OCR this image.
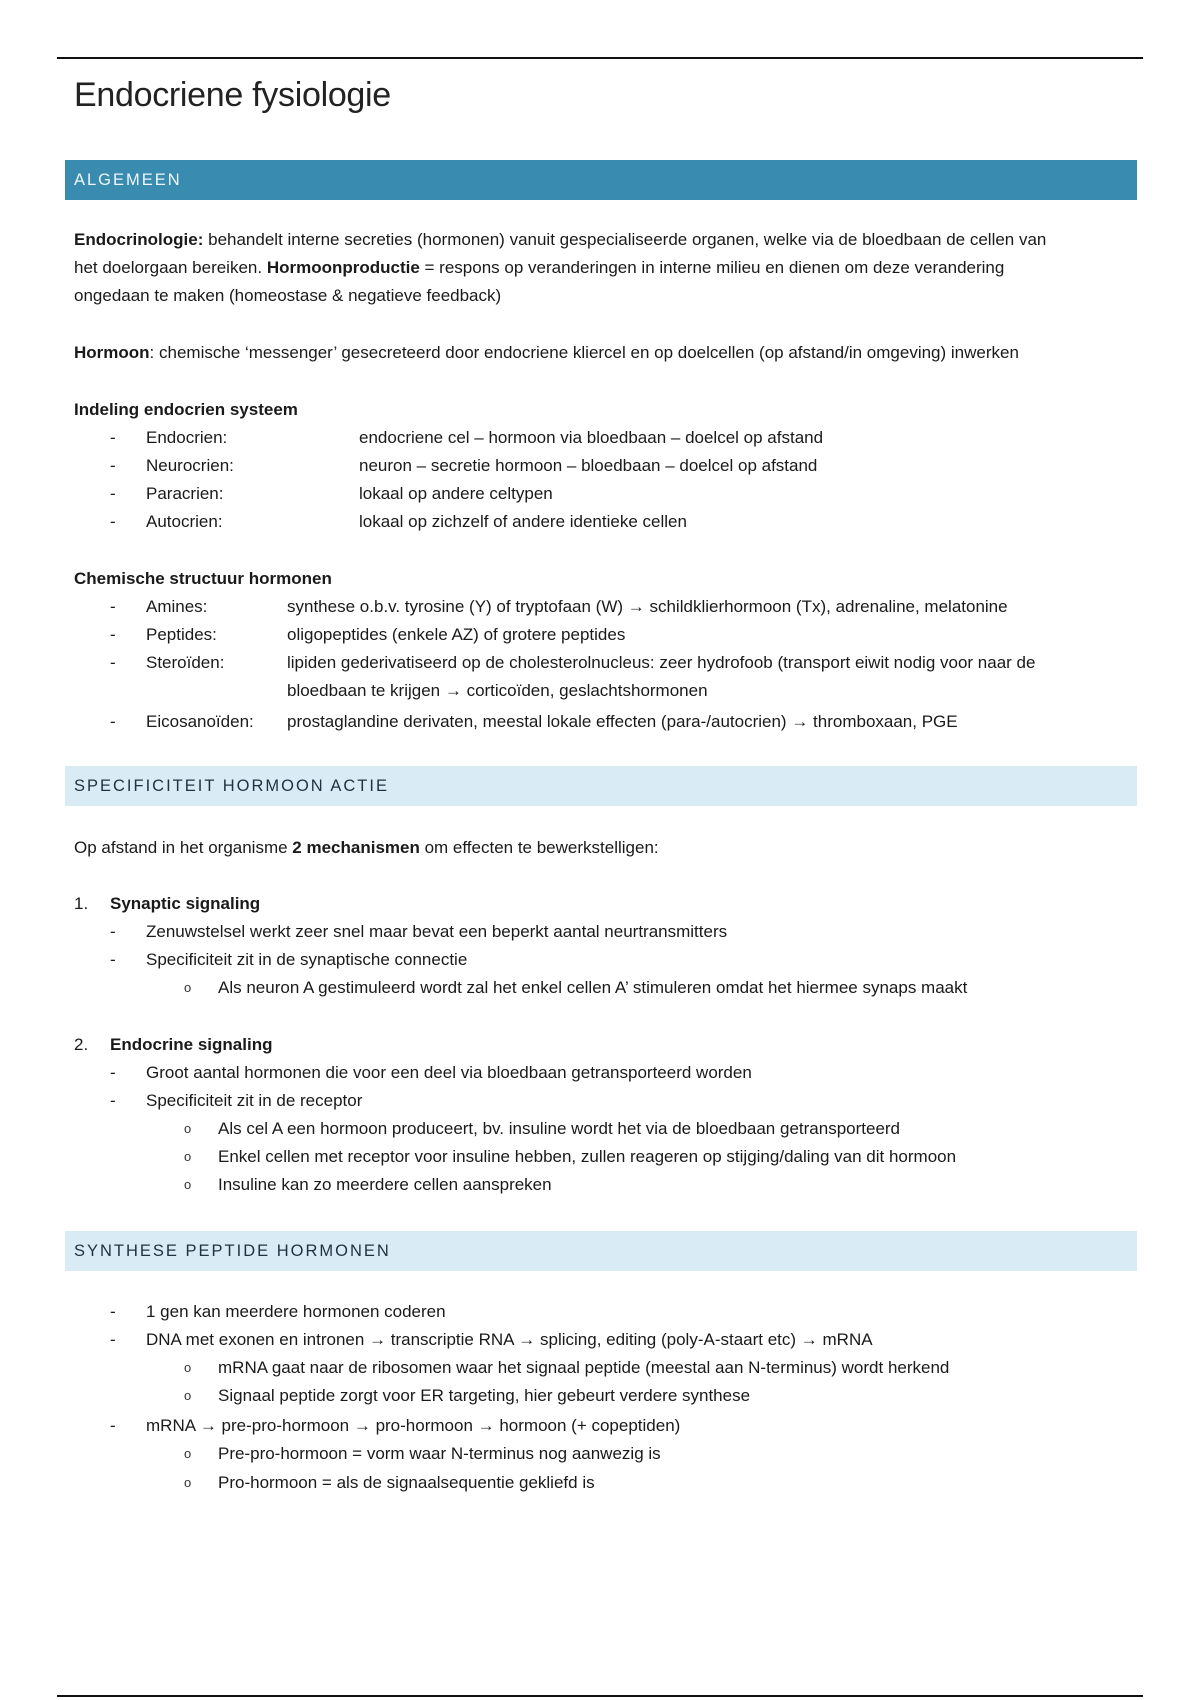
Endocriene fysiologie
ALGEMEEN
Endocrinologie: behandelt interne secreties (hormonen) vanuit gespecialiseerde organen, welke via de bloedbaan de cellen van
het doelorgaan bereiken. Hormoonproductie = respons op veranderingen in interne milieu en dienen om deze verandering
ongedaan te maken (homeostase & negatieve feedback)
Hormoon: chemische ‘messenger’ gesecreteerd door endocriene kliercel en op doelcellen (op afstand/in omgeving) inwerken
Indeling endocrien systeem
- Endocrien:	endocriene cel – hormoon via bloedbaan – doelcel op afstand
- Neurocrien:	neuron – secretie hormoon – bloedbaan – doelcel op afstand
- Paracrien:	lokaal op andere celtypen
- Autocrien:	lokaal op zichzelf of andere identieke cellen
Chemische structuur hormonen
- Amines:	synthese o.b.v. tyrosine (Y) of tryptofaan (W) → schildklierhormoon (Tx), adrenaline, melatonine
- Peptides:	oligopeptides (enkele AZ) of grotere peptides
- Steroïden:	lipiden gederivatiseerd op de cholesterolnucleus: zeer hydrofoob (transport eiwit nodig voor naar de
bloedbaan te krijgen → corticoïden, geslachtshormonen
- Eicosanoïden: prostaglandine derivaten, meestal lokale effecten (para-/autocrien) → thromboxaan, PGE
SPECIFICITEIT HORMOON ACTIE
Op afstand in het organisme 2 mechanismen om effecten te bewerkstelligen:
1. Synaptic signaling
- Zenuwstelsel werkt zeer snel maar bevat een beperkt aantal neurtransmitters
- Specificiteit zit in de synaptische connectie
o Als neuron A gestimuleerd wordt zal het enkel cellen A’ stimuleren omdat het hiermee synaps maakt
2. Endocrine signaling
- Groot aantal hormonen die voor een deel via bloedbaan getransporteerd worden
- Specificiteit zit in de receptor
o Als cel A een hormoon produceert, bv. insuline wordt het via de bloedbaan getransporteerd
o Enkel cellen met receptor voor insuline hebben, zullen reageren op stijging/daling van dit hormoon
o Insuline kan zo meerdere cellen aanspreken
SYNTHESE PEPTIDE HORMONEN
- 1 gen kan meerdere hormonen coderen
- DNA met exonen en intronen → transcriptie RNA → splicing, editing (poly-A-staart etc) → mRNA
o mRNA gaat naar de ribosomen waar het signaal peptide (meestal aan N-terminus) wordt herkend
o Signaal peptide zorgt voor ER targeting, hier gebeurt verdere synthese
- mRNA → pre-pro-hormoon → pro-hormoon → hormoon (+ copeptiden)
o Pre-pro-hormoon = vorm waar N-terminus nog aanwezig is
o Pro-hormoon = als de signaalsequentie gekliefd is
